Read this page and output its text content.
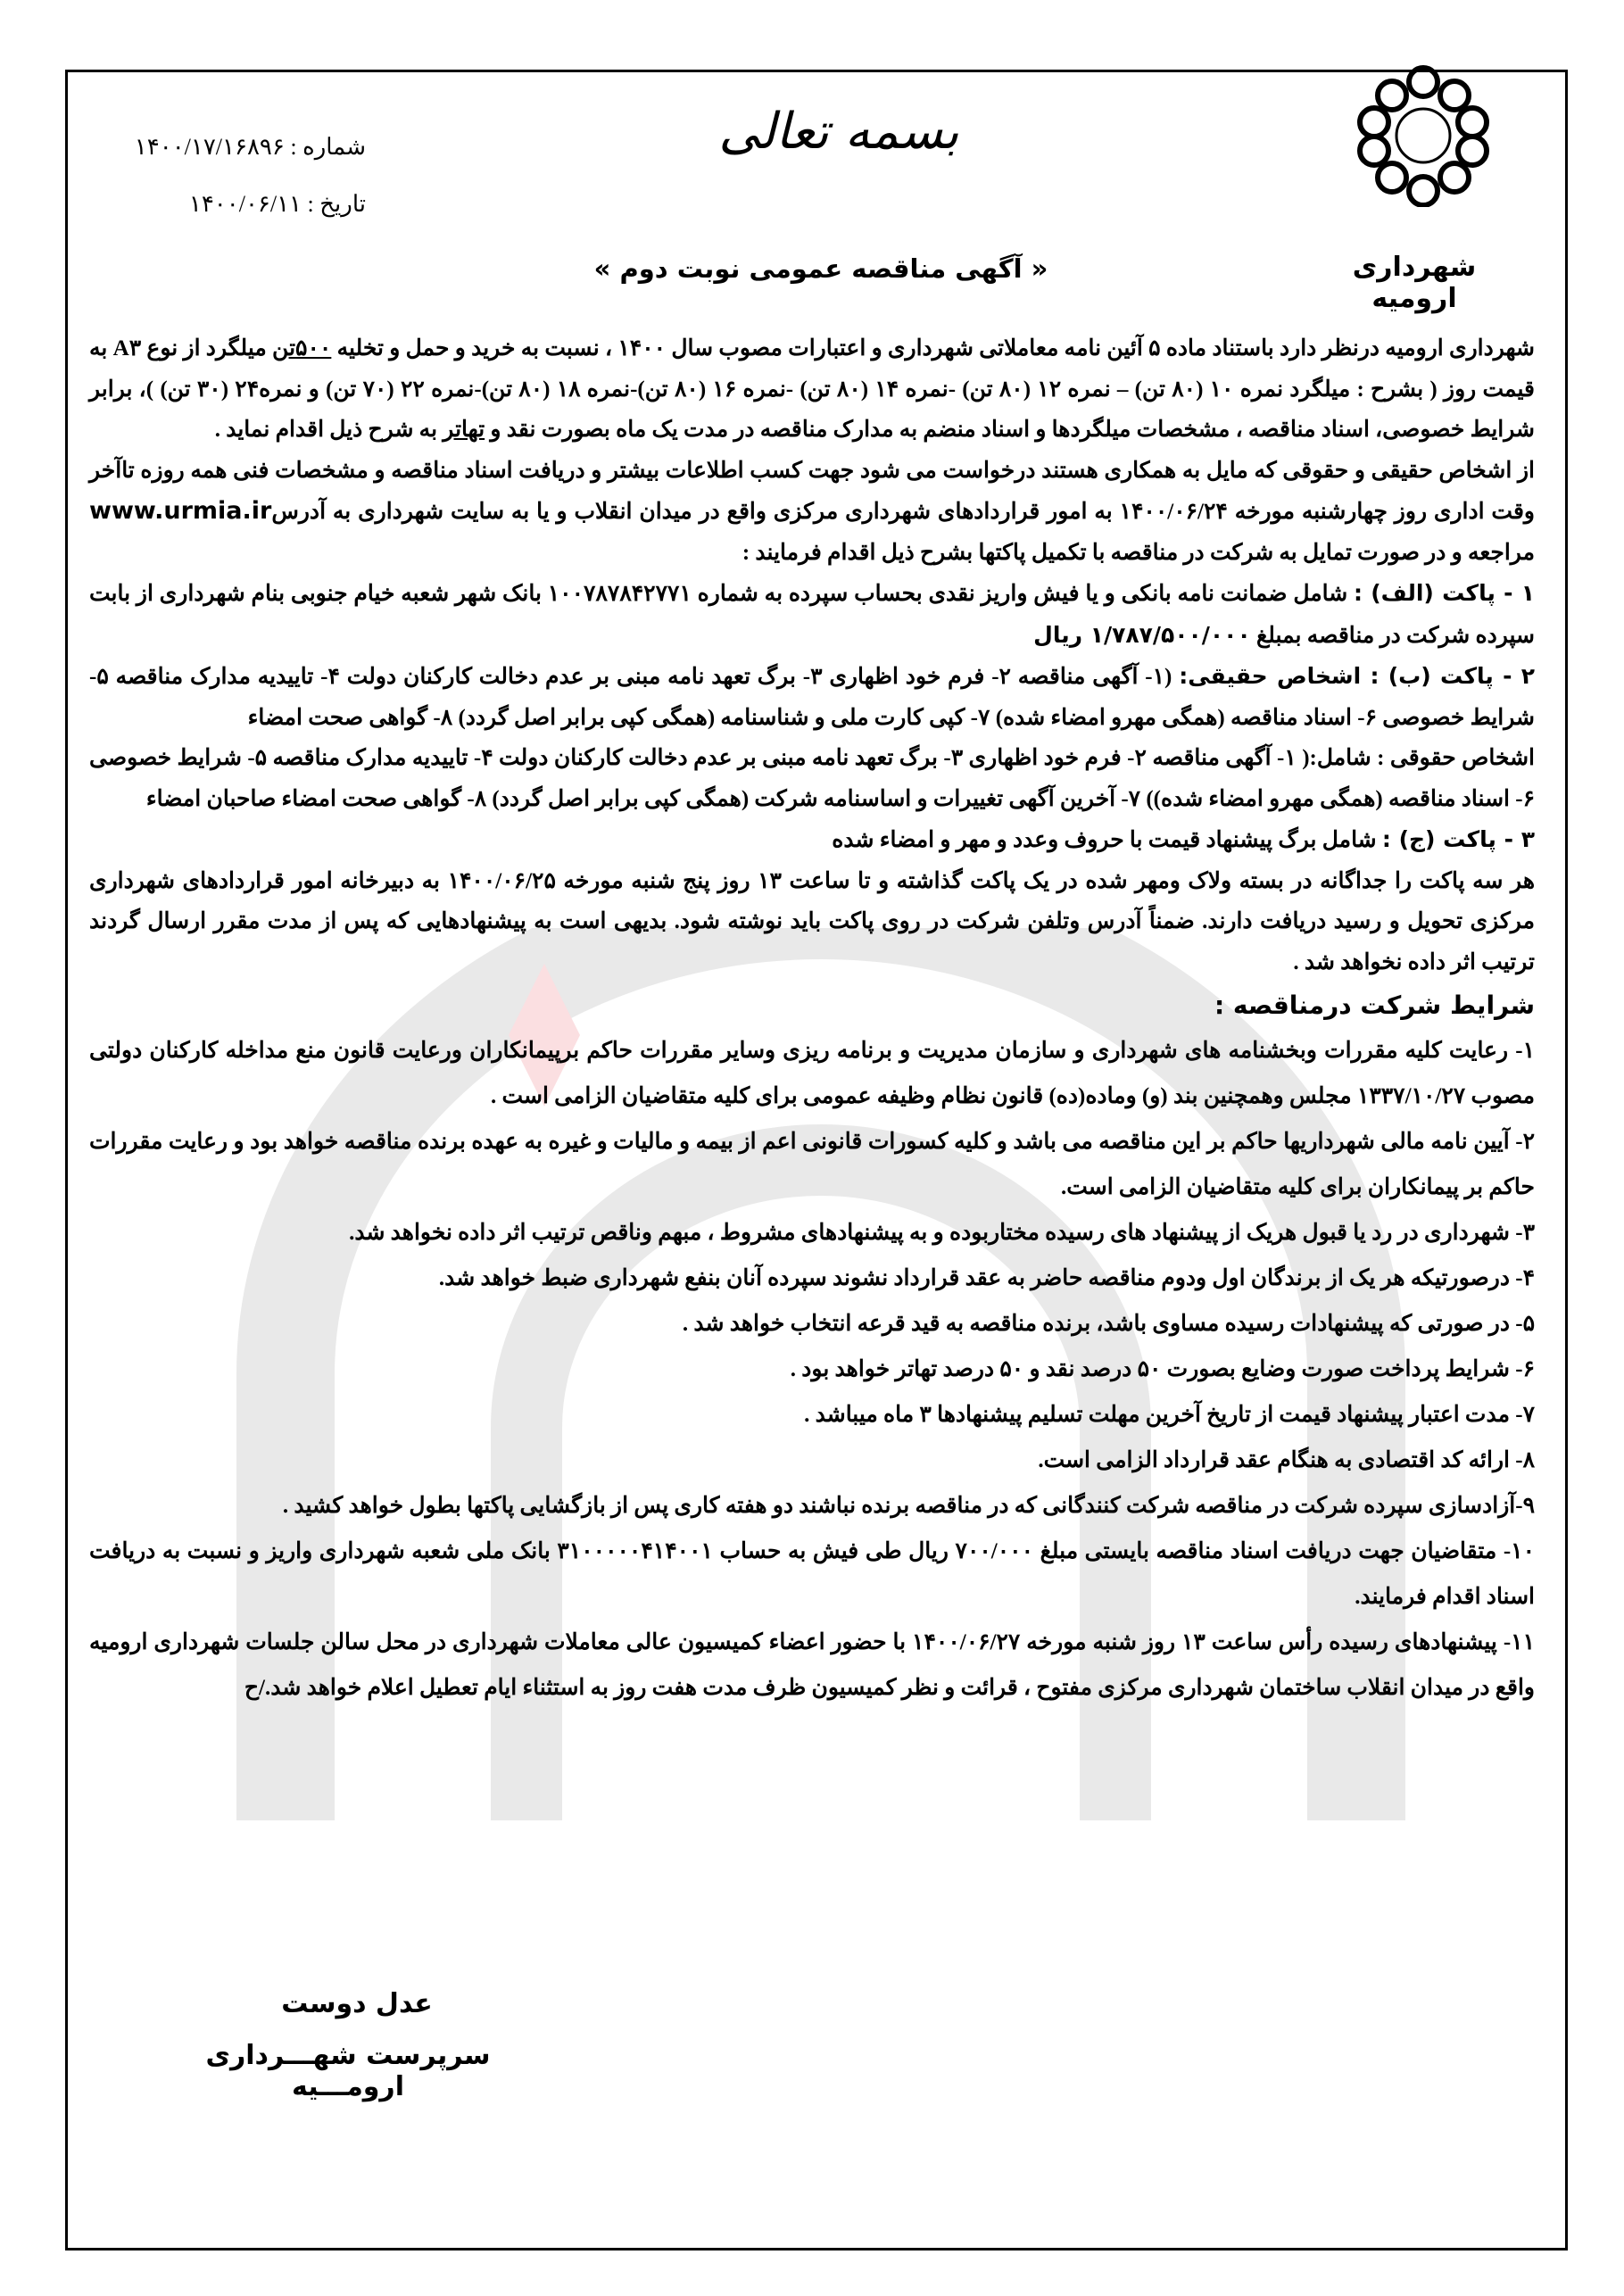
بسمه تعالی
شماره : ۱۴۰۰/۱۷/۱۶۸۹۶
تاریخ : ۱۴۰۰/۰۶/۱۱
شهرداری ارومیه
« آگهی مناقصه عمومی نوبت دوم »

شهرداری ارومیه درنظر دارد باستناد ماده ۵ آئین نامه معاملاتی شهرداری و اعتبارات مصوب سال ۱۴۰۰ ، نسبت به خرید و حمل و تخلیه ۵۰۰تن میلگرد از نوع A۳ به قیمت روز ( بشرح : میلگرد نمره ۱۰ (۸۰ تن) – نمره ۱۲ (۸۰ تن) -نمره ۱۴ (۸۰ تن) -نمره ۱۶ (۸۰ تن)-نمره ۱۸ (۸۰ تن)-نمره ۲۲ (۷۰ تن) و نمره۲۴ (۳۰ تن) )، برابر شرایط خصوصی، اسناد مناقصه ، مشخصات میلگردها و اسناد منضم به مدارک مناقصه در مدت یک ماه بصورت نقد و تهاتر به شرح ذیل اقدام نماید .

از اشخاص حقیقی و حقوقی که مایل به همکاری هستند درخواست می شود جهت کسب اطلاعات بیشتر و دریافت اسناد مناقصه و مشخصات فنی همه روزه تاآخر وقت اداری روز چهارشنبه مورخه ۱۴۰۰/۰۶/۲۴ به امور قراردادهای شهرداری مرکزی واقع در میدان انقلاب و یا به سایت شهرداری به آدرسwww.urmia.ir مراجعه و در صورت تمایل به شرکت در مناقصه با تکمیل پاکتها بشرح ذیل اقدام فرمایند :

۱ - پاکت (الف) : شامل ضمانت نامه بانکی و یا فیش واریز نقدی بحساب سپرده به شماره ۱۰۰۷۸۷۸۴۲۷۷۱ بانک شهر شعبه خیام جنوبی بنام شهرداری از بابت سپرده شرکت در مناقصه بمبلغ ۱/۷۸۷/۵۰۰/۰۰۰ ریال

۲ - پاکت (ب) : اشخاص حقیقی: (۱- آگهی مناقصه ۲- فرم خود اظهاری ۳- برگ تعهد نامه مبنی بر عدم دخالت کارکنان دولت ۴- تاییدیه مدارک مناقصه ۵- شرایط خصوصی ۶- اسناد مناقصه (همگی مهرو امضاء شده) ۷- کپی کارت ملی و شناسنامه (همگی کپی برابر اصل گردد) ۸- گواهی صحت امضاء

اشخاص حقوقی : شامل:( ۱- آگهی مناقصه ۲- فرم خود اظهاری ۳- برگ تعهد نامه مبنی بر عدم دخالت کارکنان دولت ۴- تاییدیه مدارک مناقصه ۵- شرایط خصوصی ۶- اسناد مناقصه (همگی مهرو امضاء شده)) ۷- آخرین آگهی تغییرات و اساسنامه شرکت (همگی کپی برابر اصل گردد) ۸- گواهی صحت امضاء صاحبان امضاء

۳ - پاکت (ج) : شامل برگ پیشنهاد قیمت با حروف وعدد و مهر و امضاء شده

هر سه پاکت را جداگانه در بسته ولاک ومهر شده در یک پاکت گذاشته و تا ساعت ۱۳ روز پنج شنبه مورخه ۱۴۰۰/۰۶/۲۵ به دبیرخانه امور قراردادهای شهرداری مرکزی تحویل و رسید دریافت دارند. ضمناً آدرس وتلفن شرکت در روی پاکت باید نوشته شود. بدیهی است به پیشنهادهایی که پس از مدت مقرر ارسال گردند ترتیب اثر داده نخواهد شد .

شرایط شرکت درمناقصه :

۱- رعایت کلیه مقررات وبخشنامه های شهرداری و سازمان مدیریت و برنامه ریزی وسایر مقررات حاکم برپیمانکاران ورعایت قانون منع مداخله کارکنان دولتی مصوب ۱۳۳۷/۱۰/۲۷ مجلس وهمچنین بند (و) وماده(ده) قانون نظام وظیفه عمومی برای کلیه متقاضیان الزامی است .

۲- آیین نامه مالی شهرداریها حاکم بر این مناقصه می باشد و کلیه کسورات قانونی اعم از بیمه و مالیات و غیره به عهده برنده مناقصه خواهد بود و رعایت مقررات حاکم بر پیمانکاران برای کلیه متقاضیان الزامی است.

۳- شهرداری در رد یا قبول هریک از پیشنهاد های رسیده مختاربوده و به پیشنهادهای مشروط ، مبهم وناقص ترتیب اثر داده نخواهد شد.

۴- درصورتیکه هر یک از برندگان اول ودوم مناقصه حاضر به عقد قرارداد نشوند سپرده آنان بنفع شهرداری ضبط خواهد شد.

۵- در صورتی که پیشنهادات رسیده مساوی باشد، برنده مناقصه به قید قرعه انتخاب خواهد شد .

۶- شرایط پرداخت صورت وضایع بصورت ۵۰ درصد نقد و ۵۰ درصد تهاتر خواهد بود .

۷- مدت اعتبار پیشنهاد قیمت از تاریخ آخرین مهلت تسلیم پیشنهادها ۳ ماه میباشد .

۸- ارائه کد اقتصادی به هنگام عقد قرارداد الزامی است.

۹-آزادسازی سپرده شرکت در مناقصه شرکت کنندگانی که در مناقصه برنده نباشند دو هفته کاری پس از بازگشایی پاکتها بطول خواهد کشید .

۱۰- متقاضیان جهت دریافت اسناد مناقصه بایستی مبلغ ۷۰۰/۰۰۰ ریال طی فیش به حساب ۳۱۰۰۰۰۰۴۱۴۰۰۱ بانک ملی شعبه شهرداری واریز و نسبت به دریافت اسناد اقدام فرمایند.

۱۱- پیشنهادهای رسیده رأس ساعت ۱۳ روز شنبه مورخه ۱۴۰۰/۰۶/۲۷ با حضور اعضاء کمیسیون عالی معاملات شهرداری در محل سالن جلسات شهرداری ارومیه واقع در میدان انقلاب ساختمان شهرداری مرکزی مفتوح ، قرائت و نظر کمیسیون ظرف مدت هفت روز به استثناء ایام تعطیل اعلام خواهد شد./ح

عدل دوست
سرپرست شهـــرداری ارومـــیه
